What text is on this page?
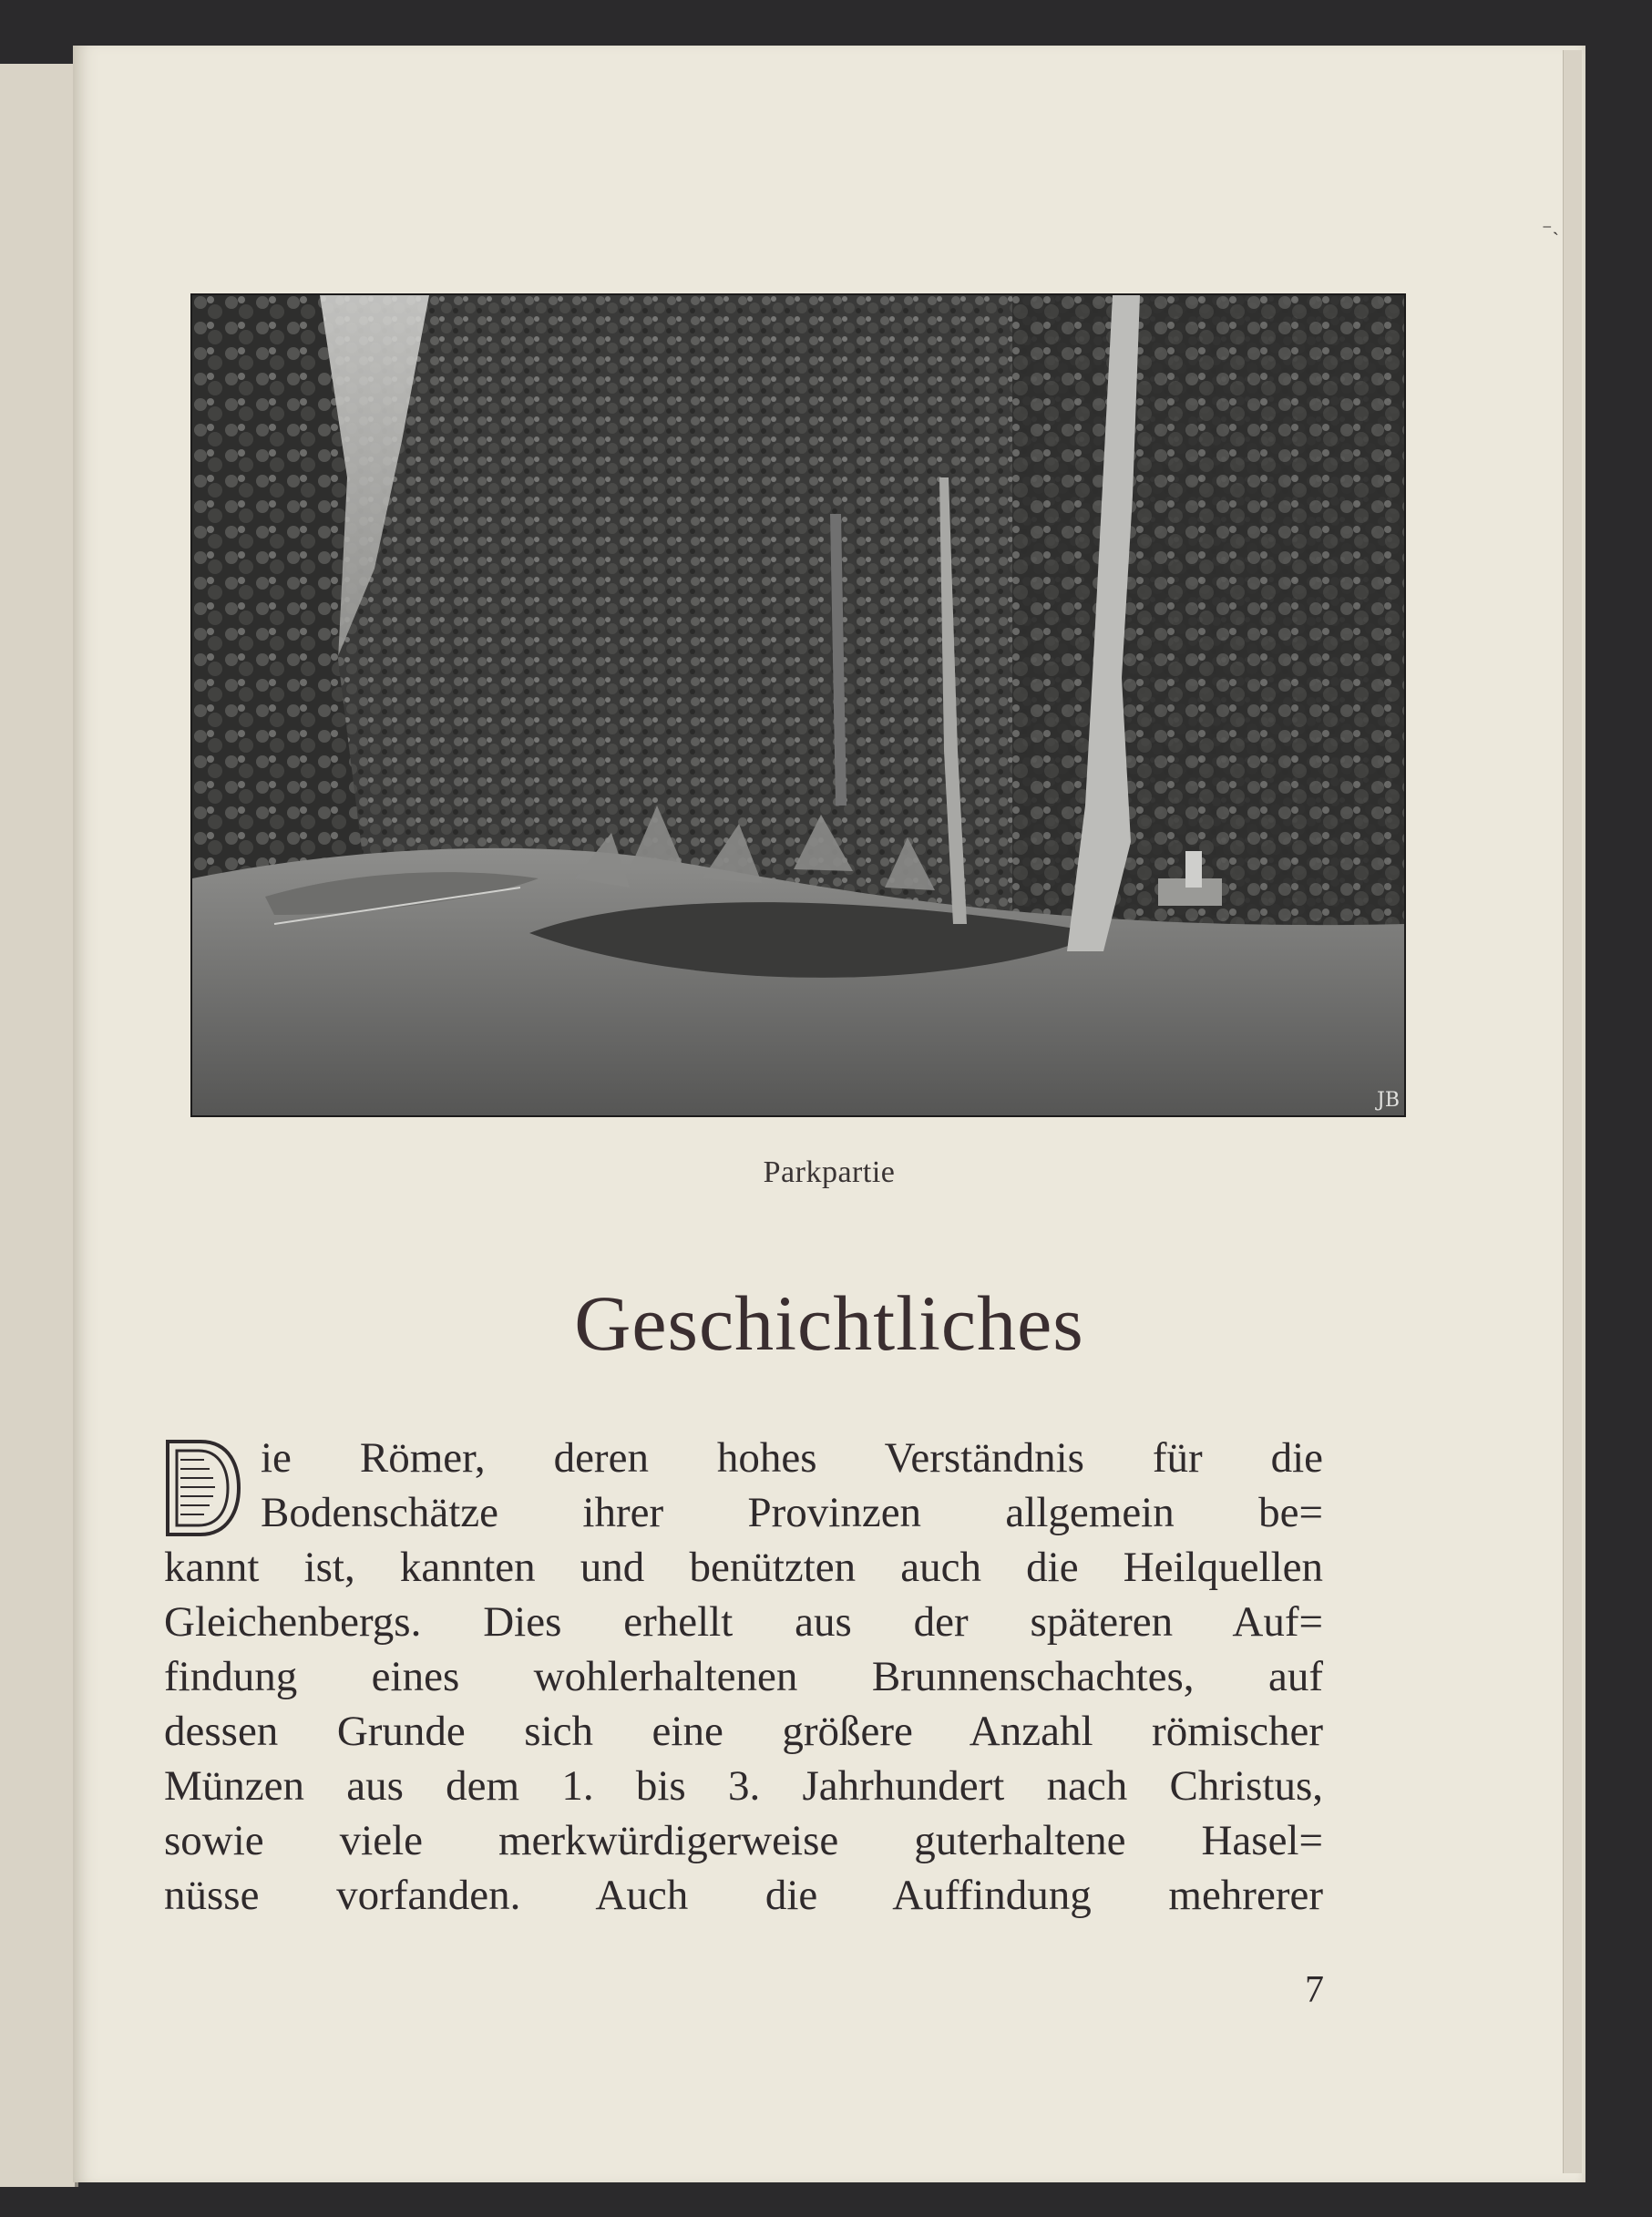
⁻˴
JB
Parkpartie
Geschichtliches
D	ie Römer, deren hohes Verständnis für die
Bodenschätze ihrer Provinzen allgemein be=
kannt ist, kannten und benützten auch die Heilquellen
Gleichenbergs. Dies erhellt aus der späteren Auf=
findung eines wohlerhaltenen Brunnenschachtes, auf
dessen Grunde sich eine größere Anzahl römischer
Münzen aus dem 1. bis 3. Jahrhundert nach Christus,
sowie viele merkwürdigerweise guterhaltene Hasel=
nüsse vorfanden. Auch die Auffindung mehrerer
7
